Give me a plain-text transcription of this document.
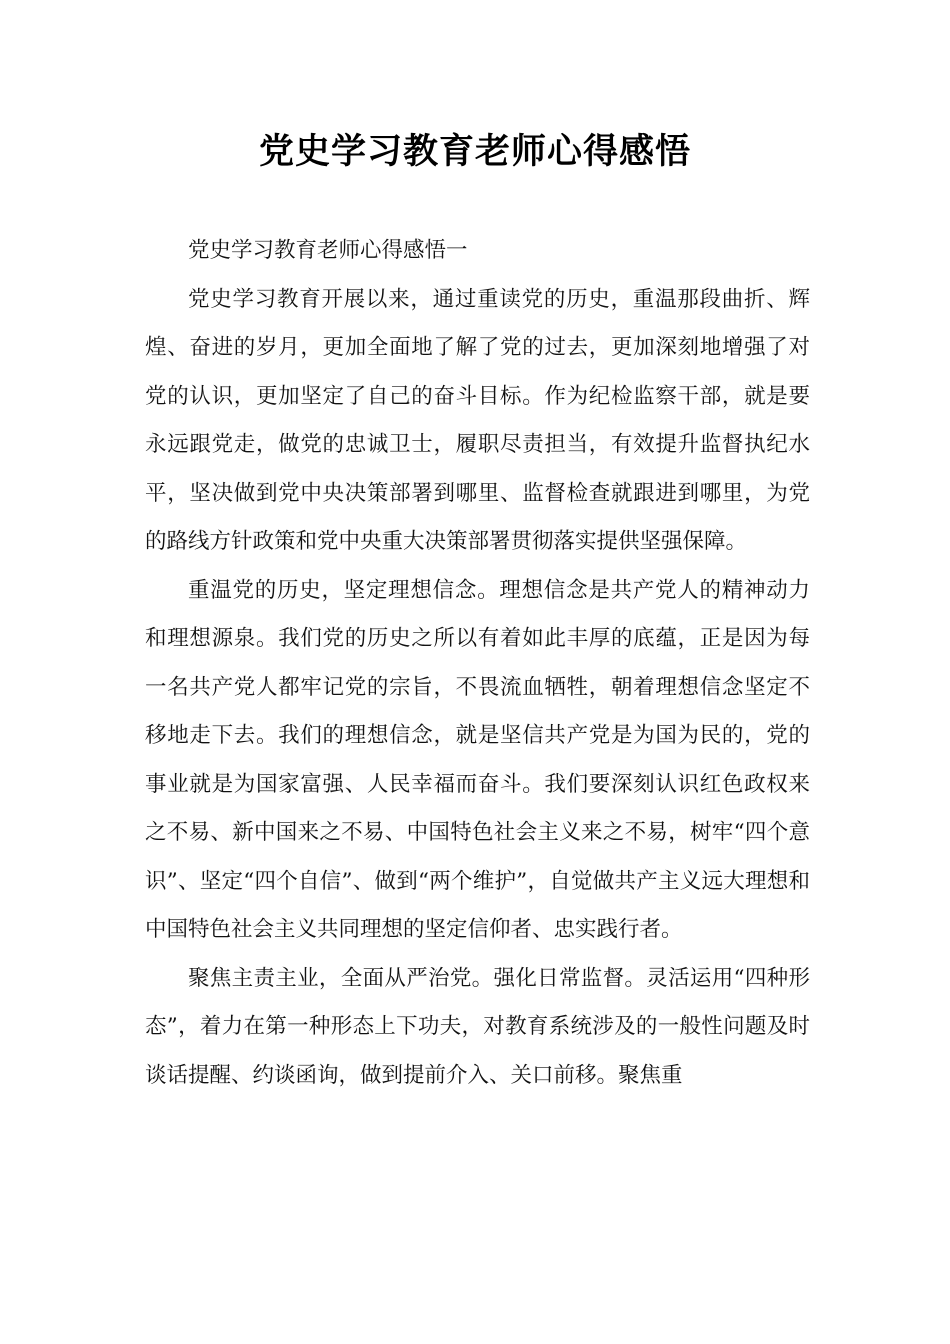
党史学习教育老师心得感悟

党史学习教育老师心得感悟一

党史学习教育开展以来，通过重读党的历史，重温那段曲折、辉煌、奋进的岁月，更加全面地了解了党的过去，更加深刻地增强了对党的认识，更加坚定了自己的奋斗目标。作为纪检监察干部，就是要永远跟党走，做党的忠诚卫士，履职尽责担当，有效提升监督执纪水平，坚决做到党中央决策部署到哪里、监督检查就跟进到哪里，为党的路线方针政策和党中央重大决策部署贯彻落实提供坚强保障。

重温党的历史，坚定理想信念。理想信念是共产党人的精神动力和理想源泉。我们党的历史之所以有着如此丰厚的底蕴，正是因为每一名共产党人都牢记党的宗旨，不畏流血牺牲，朝着理想信念坚定不移地走下去。我们的理想信念，就是坚信共产党是为国为民的，党的事业就是为国家富强、人民幸福而奋斗。我们要深刻认识红色政权来之不易、新中国来之不易、中国特色社会主义来之不易，树牢“四个意识”、坚定“四个自信”、做到“两个维护”，自觉做共产主义远大理想和中国特色社会主义共同理想的坚定信仰者、忠实践行者。

聚焦主责主业，全面从严治党。强化日常监督。灵活运用“四种形态”，着力在第一种形态上下功夫，对教育系统涉及的一般性问题及时谈话提醒、约谈函询，做到提前介入、关口前移。聚焦重
